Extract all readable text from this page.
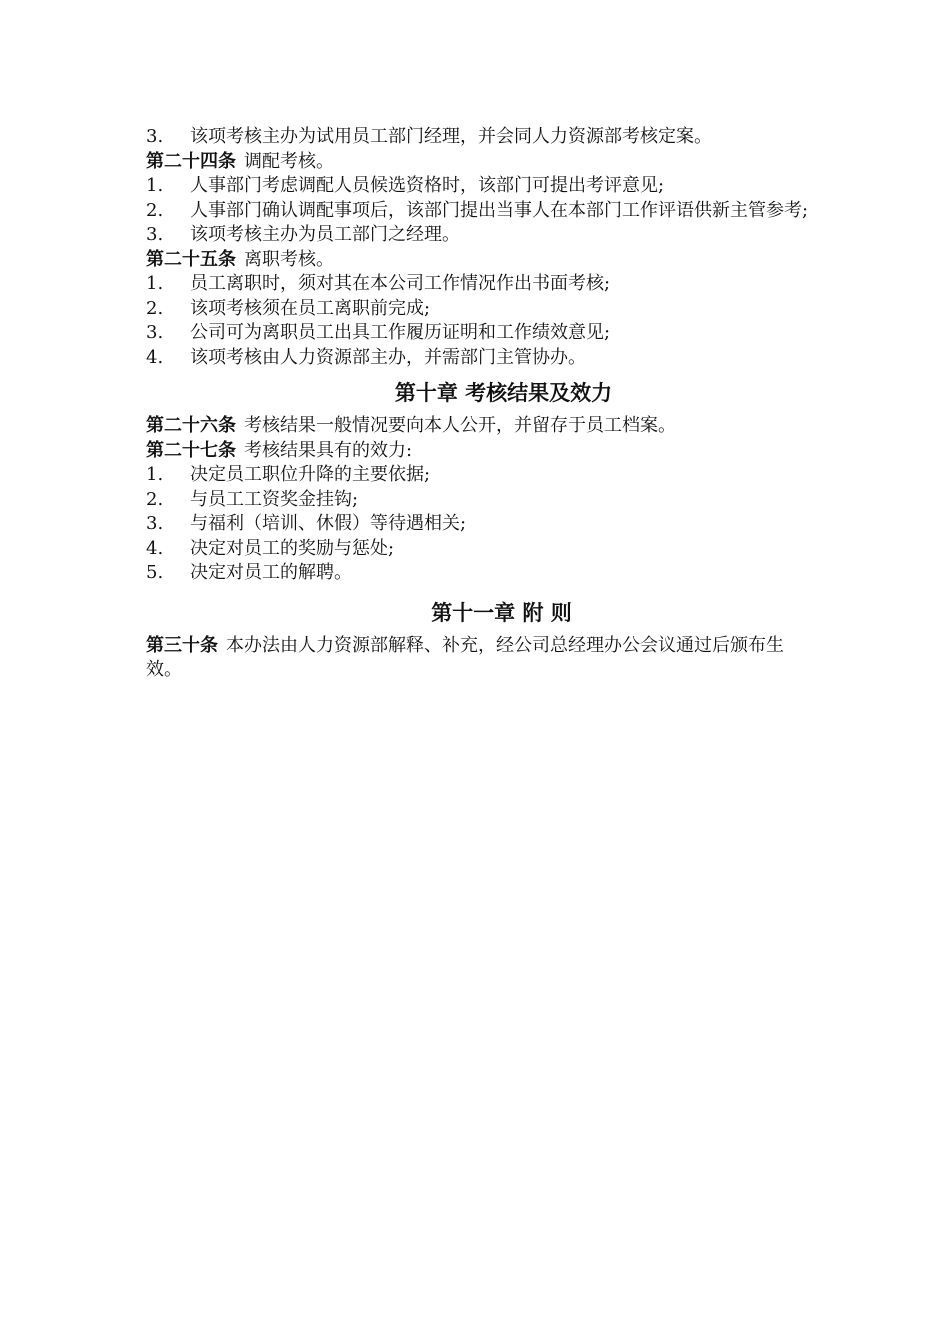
3. 该项考核主办为试用员工部门经理，并会同人力资源部考核定案。
第二十四条 调配考核。
1. 人事部门考虑调配人员候选资格时，该部门可提出考评意见;
2. 人事部门确认调配事项后，该部门提出当事人在本部门工作评语供新主管参考;
3. 该项考核主办为员工部门之经理。
第二十五条 离职考核。
1. 员工离职时，须对其在本公司工作情况作出书面考核;
2. 该项考核须在员工离职前完成;
3. 公司可为离职员工出具工作履历证明和工作绩效意见;
4. 该项考核由人力资源部主办，并需部门主管协办。
第十章 考核结果及效力
第二十六条 考核结果一般情况要向本人公开，并留存于员工档案。
第二十七条 考核结果具有的效力:
1. 决定员工职位升降的主要依据;
2. 与员工工资奖金挂钩;
3. 与福利（培训、休假）等待遇相关;
4. 决定对员工的奖励与惩处;
5. 决定对员工的解聘。
第十一章 附 则
第三十条 本办法由人力资源部解释、补充，经公司总经理办公会议通过后颁布生效。
